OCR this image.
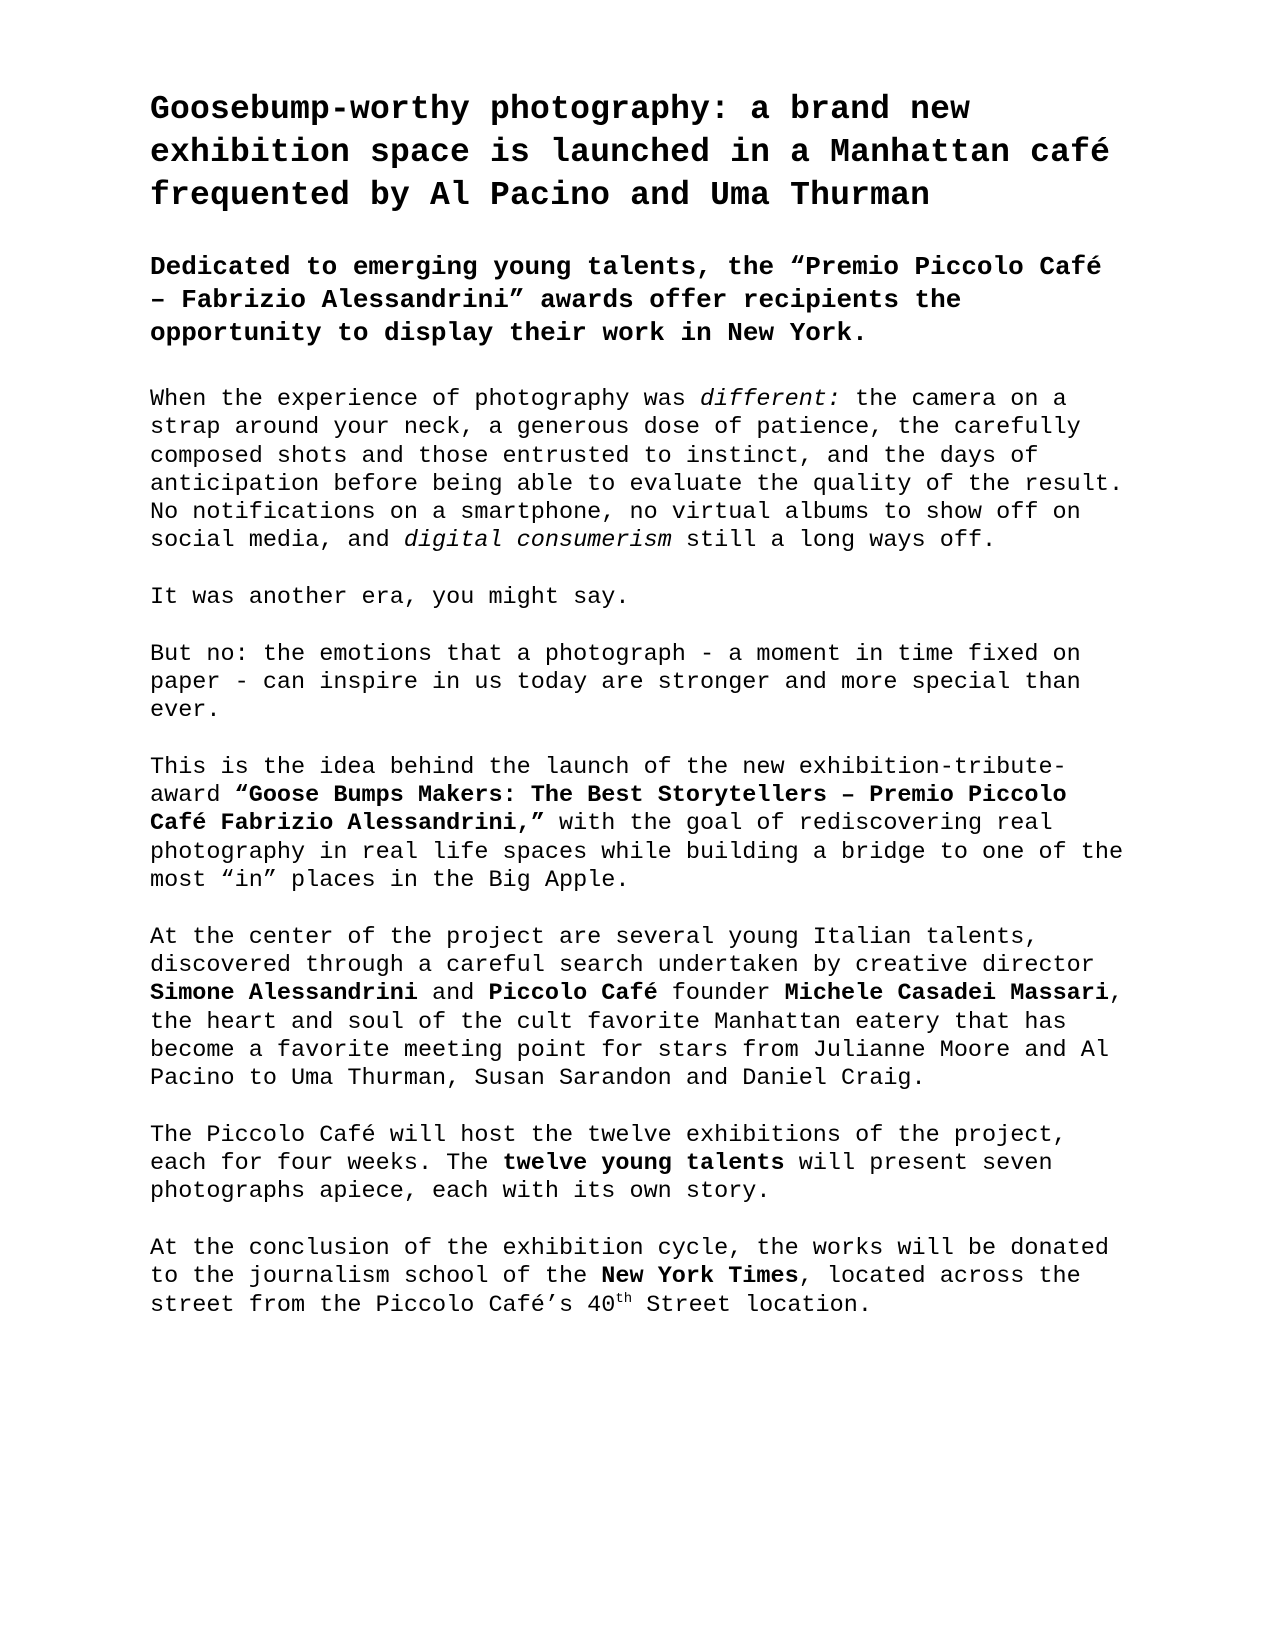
Goosebump-worthy photography: a brand new exhibition space is launched in a Manhattan café frequented by Al Pacino and Uma Thurman
Dedicated to emerging young talents, the “Premio Piccolo Café – Fabrizio Alessandrini” awards offer recipients the opportunity to display their work in New York.

When the experience of photography was different: the camera on a strap around your neck, a generous dose of patience, the carefully composed shots and those entrusted to instinct, and the days of anticipation before being able to evaluate the quality of the result. No notifications on a smartphone, no virtual albums to show off on social media, and digital consumerism still a long ways off.

It was another era, you might say.

But no: the emotions that a photograph - a moment in time fixed on paper - can inspire in us today are stronger and more special than ever.

This is the idea behind the launch of the new exhibition-tribute-award “Goose Bumps Makers: The Best Storytellers – Premio Piccolo Café Fabrizio Alessandrini,” with the goal of rediscovering real photography in real life spaces while building a bridge to one of the most “in” places in the Big Apple.

At the center of the project are several young Italian talents, discovered through a careful search undertaken by creative director Simone Alessandrini and Piccolo Café founder Michele Casadei Massari, the heart and soul of the cult favorite Manhattan eatery that has become a favorite meeting point for stars from Julianne Moore and Al Pacino to Uma Thurman, Susan Sarandon and Daniel Craig.

The Piccolo Café will host the twelve exhibitions of the project, each for four weeks. The twelve young talents will present seven photographs apiece, each with its own story.

At the conclusion of the exhibition cycle, the works will be donated to the journalism school of the New York Times, located across the street from the Piccolo Café’s 40th Street location.
